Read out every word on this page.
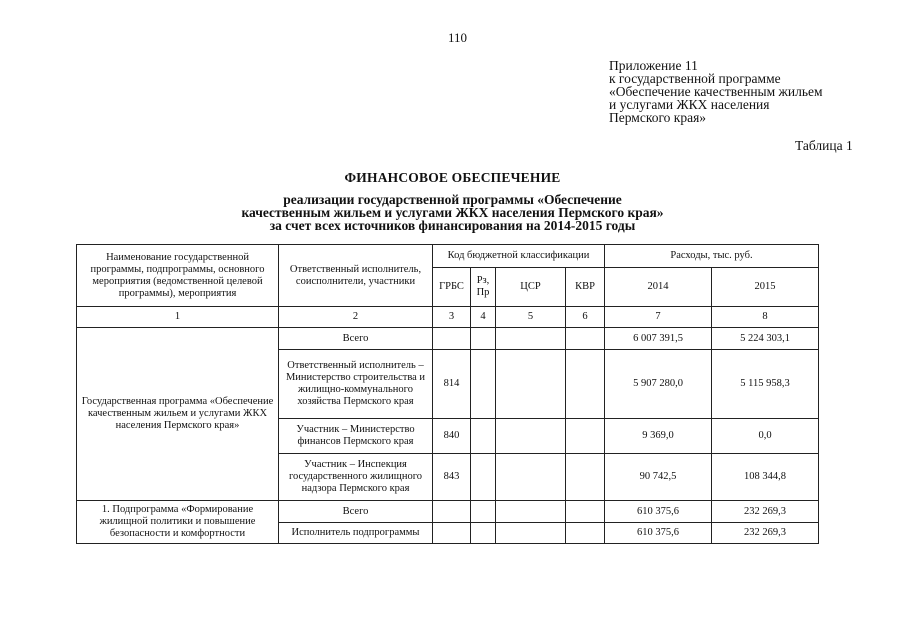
110
Приложение 11
к государственной программе
«Обеспечение качественным жильем
и услугами ЖКХ населения
Пермского края»
Таблица 1
ФИНАНСОВОЕ ОБЕСПЕЧЕНИЕ
реализации государственной программы «Обеспечение
качественным жильем и услугами ЖКХ населения Пермского края»
за счет всех источников финансирования на 2014-2015 годы
Наименование государственной программы, подпрограммы, основного мероприятия (ведомственной целевой программы), мероприятия	Ответственный исполнитель, соисполнители, участники	Код бюджетной классификации				Расходы, тыс. руб.	
		ГРБС	Рз, Пр	ЦСР	КВР	2014	2015
1	2	3	4	5	6	7	8
Государственная программа «Обеспечение качественным жильем и услугами ЖКХ населения Пермского края»	Всего					6 007 391,5	5 224 303,1
	Ответственный исполнитель – Министерство строительства и жилищно-коммунального хозяйства Пермского края	814				5 907 280,0	5 115 958,3
	Участник – Министерство финансов Пермского края	840				9 369,0	0,0
	Участник – Инспекция государственного жилищного надзора Пермского края	843				90 742,5	108 344,8
1. Подпрограмма «Формирование жилищной политики и повышение безопасности и комфортности	Всего					610 375,6	232 269,3
	Исполнитель подпрограммы					610 375,6	232 269,3
